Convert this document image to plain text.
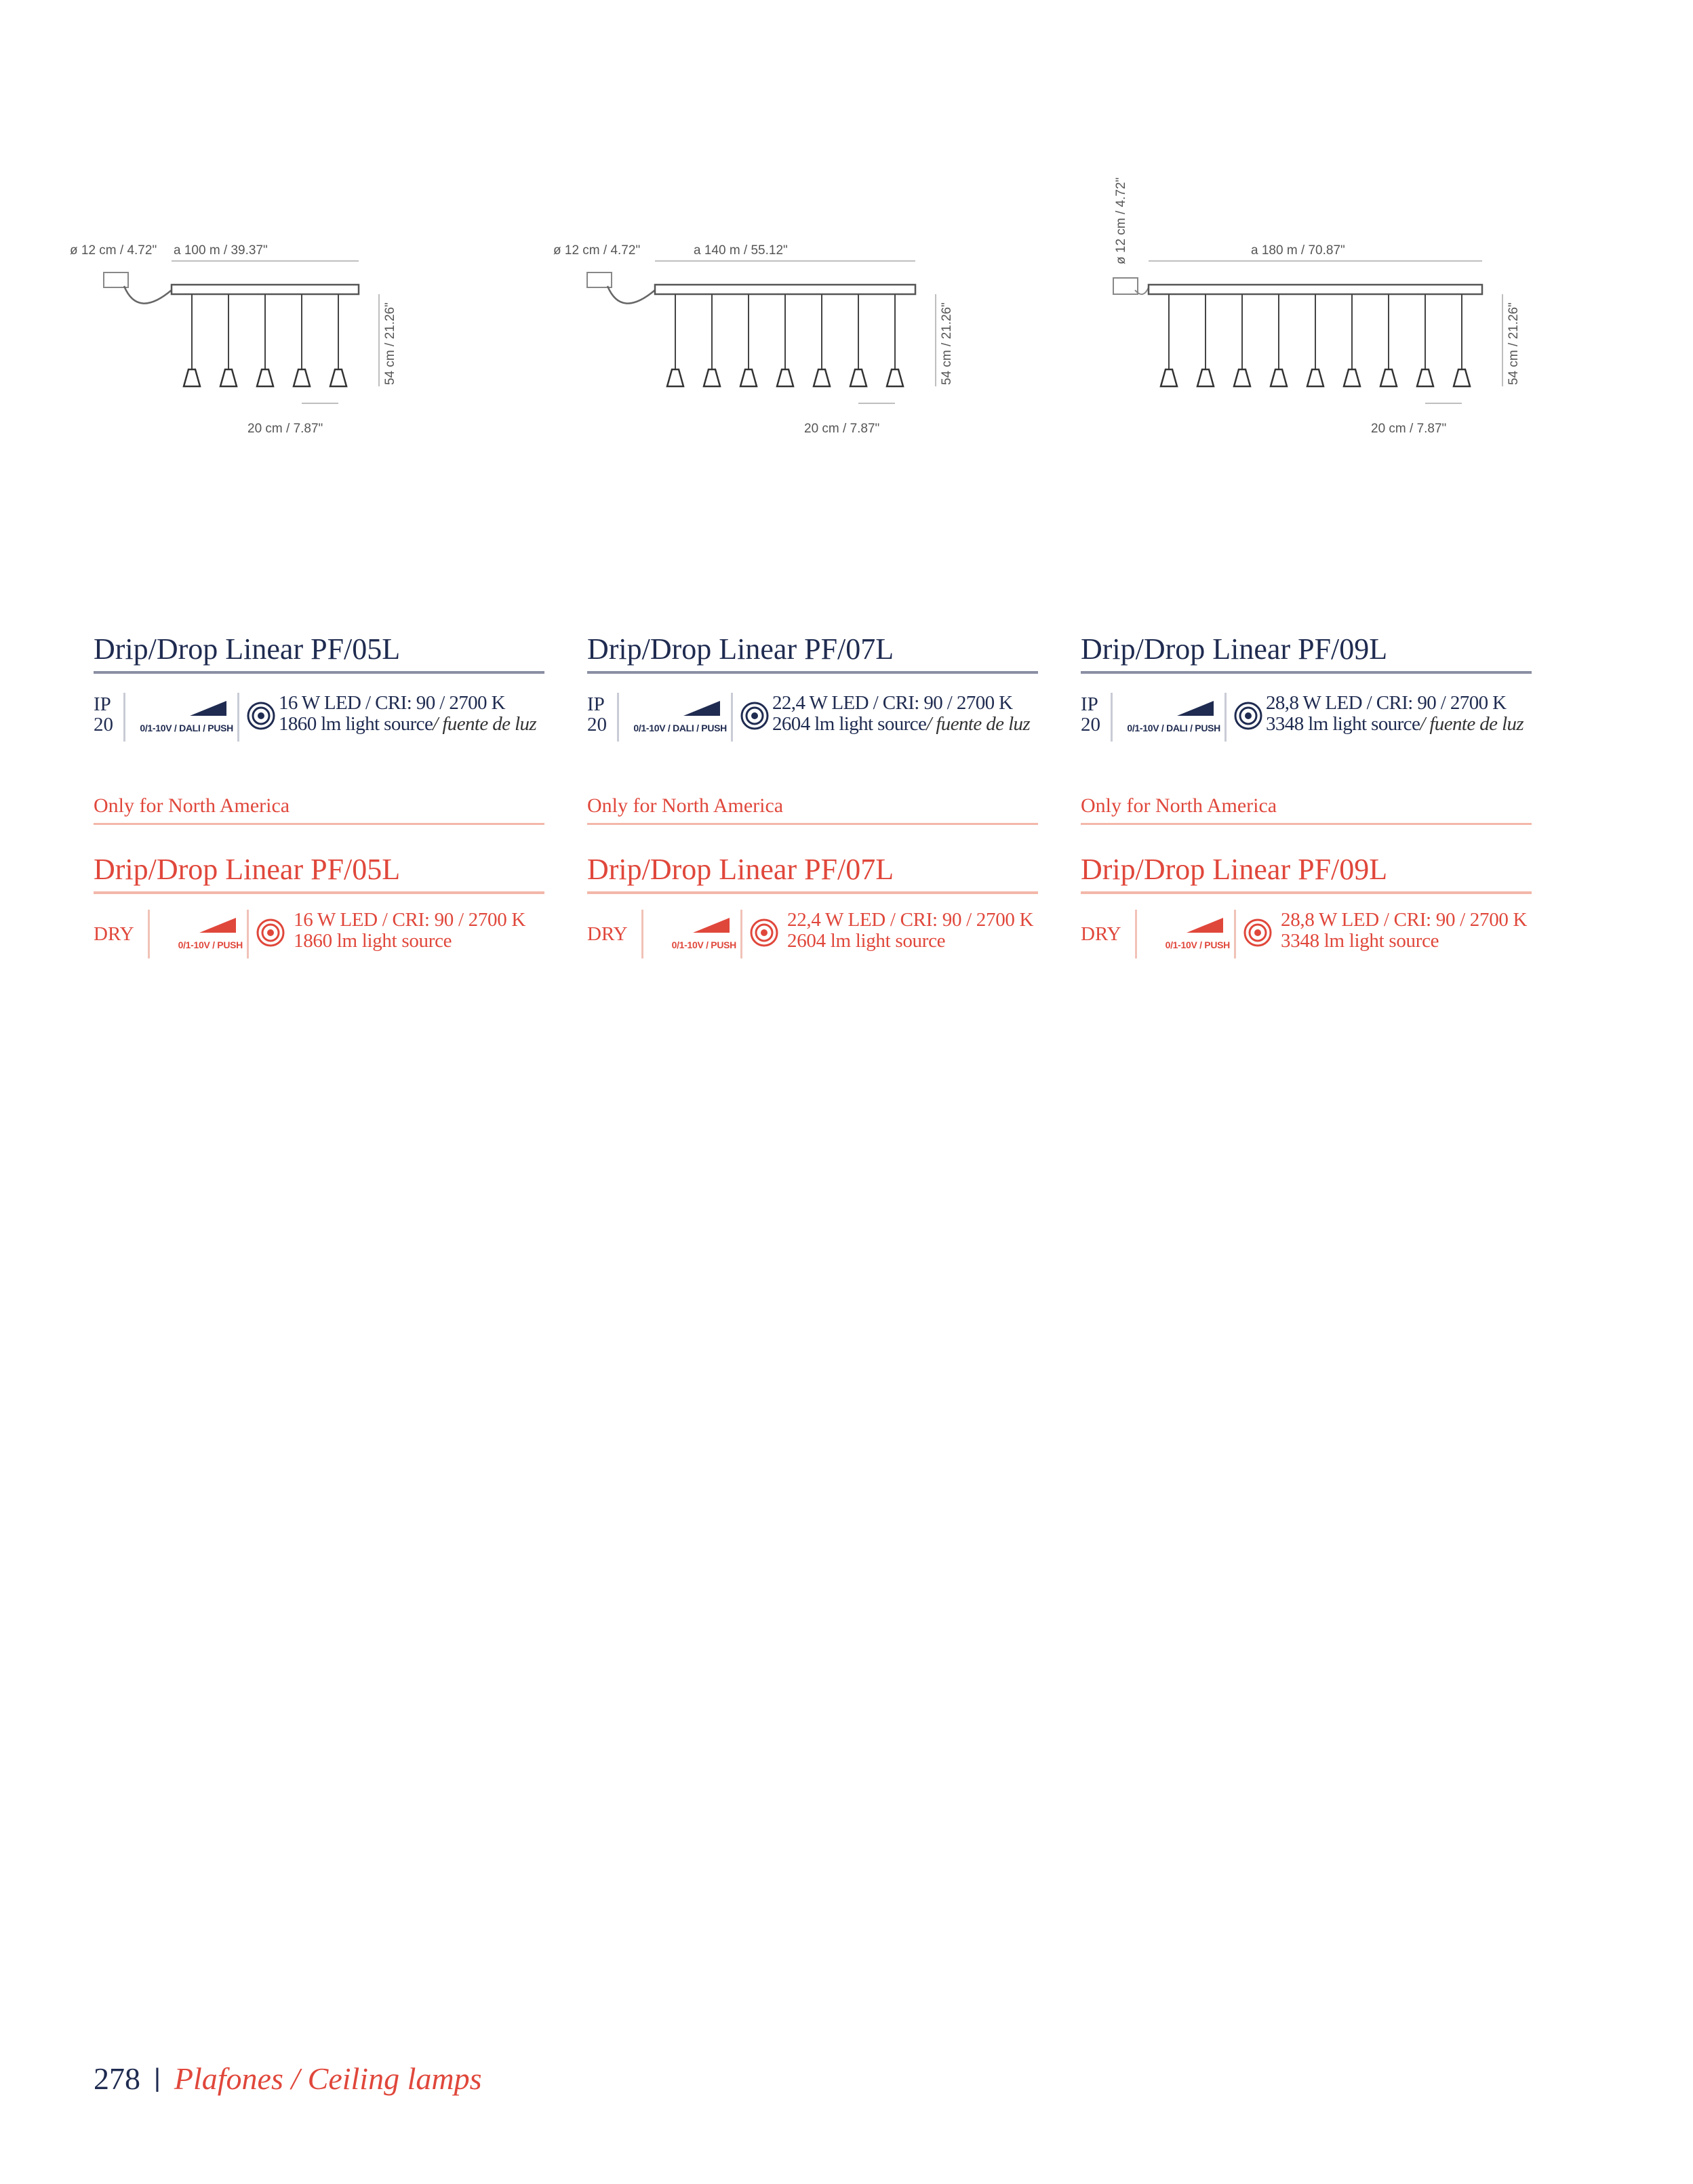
ø 12 cm / 4.72" a 100 m / 39.37"
54 cm / 21.26"
20 cm / 7.87"
Drip/Drop Linear PF/05L
IP
20	0/1-10V / DALI / PUSH
16 W LED / CRI: 90 / 2700 K
1860 lm light source/ fuente de luz
Only for North America
Drip/Drop Linear PF/05L
DRY	0/1-10V / PUSH
16 W LED / CRI: 90 / 2700 K
1860 lm light source
ø 12 cm / 4.72"	a 140 m / 55.12"
54 cm / 21.26"
20 cm / 7.87"
Drip/Drop Linear PF/07L
IP
20	0/1-10V / DALI / PUSH
22,4 W LED / CRI: 90 / 2700 K
2604 lm light source/ fuente de luz
Only for North America
Drip/Drop Linear PF/07L
DRY	0/1-10V / PUSH
22,4 W LED / CRI: 90 / 2700 K
2604 lm light source
ø 12 cm / 4.72"	a 180 m / 70.87"
54 cm / 21.26"
20 cm / 7.87"
Drip/Drop Linear PF/09L
IP
20	0/1-10V / DALI / PUSH
28,8 W LED / CRI: 90 / 2700 K
3348 lm light source/ fuente de luz
Only for North America
Drip/Drop Linear PF/09L
DRY	0/1-10V / PUSH
28,8 W LED / CRI: 90 / 2700 K
3348 lm light source
278 | Plafones / Ceiling lamps
